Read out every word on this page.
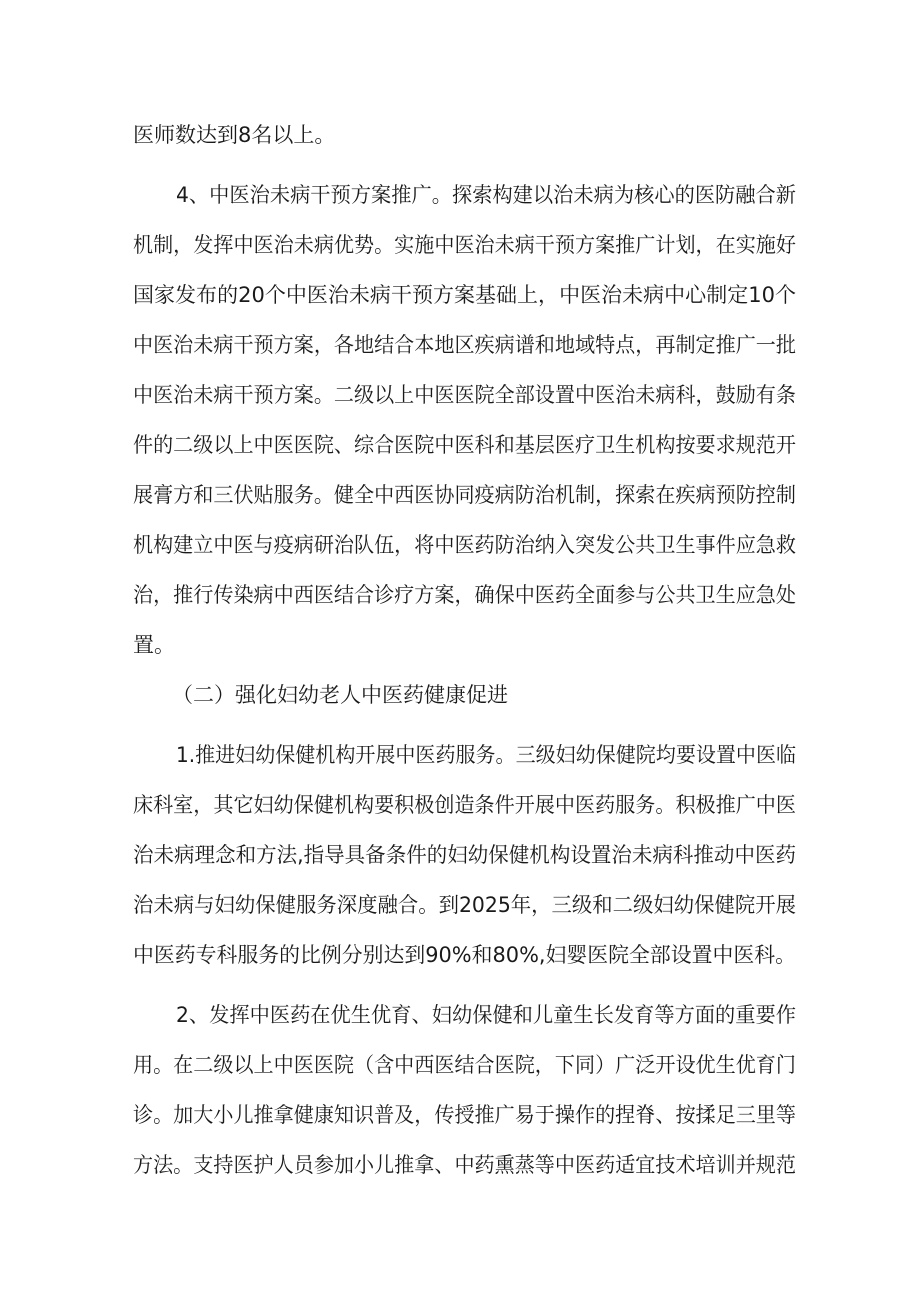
医师数达到8名以上。
4、中医治未病干预方案推广。探索构建以治未病为核心的医防融合新
机制，发挥中医治未病优势。实施中医治未病干预方案推广计划，在实施好
国家发布的20个中医治未病干预方案基础上，中医治未病中心制定10个
中医治未病干预方案，各地结合本地区疾病谱和地域特点，再制定推广一批
中医治未病干预方案。二级以上中医医院全部设置中医治未病科，鼓励有条
件的二级以上中医医院、综合医院中医科和基层医疗卫生机构按要求规范开
展膏方和三伏贴服务。健全中西医协同疫病防治机制，探索在疾病预防控制
机构建立中医与疫病研治队伍，将中医药防治纳入突发公共卫生事件应急救
治，推行传染病中西医结合诊疗方案，确保中医药全面参与公共卫生应急处
置。
（二）强化妇幼老人中医药健康促进
1.推进妇幼保健机构开展中医药服务。三级妇幼保健院均要设置中医临
床科室，其它妇幼保健机构要积极创造条件开展中医药服务。积极推广中医
治未病理念和方法,指导具备条件的妇幼保健机构设置治未病科推动中医药
治未病与妇幼保健服务深度融合。到2025年，三级和二级妇幼保健院开展
中医药专科服务的比例分别达到90%和80%,妇婴医院全部设置中医科。
2、发挥中医药在优生优育、妇幼保健和儿童生长发育等方面的重要作
用。在二级以上中医医院（含中西医结合医院，下同）广泛开设优生优育门
诊。加大小儿推拿健康知识普及，传授推广易于操作的捏脊、按揉足三里等
方法。支持医护人员参加小儿推拿、中药熏蒸等中医药适宜技术培训并规范
